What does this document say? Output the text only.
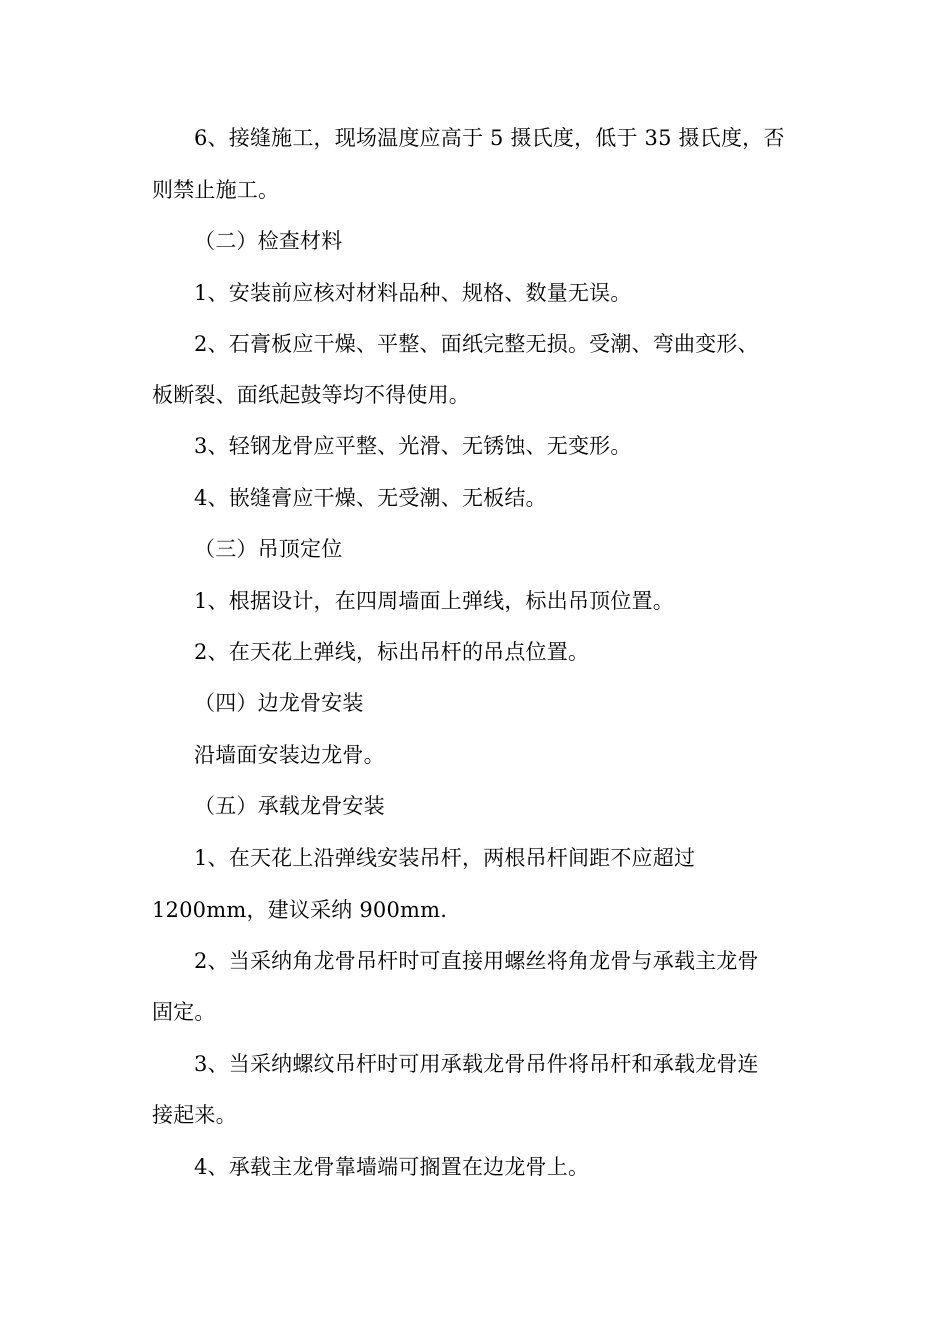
6、接缝施工，现场温度应高于 5 摄氏度，低于 35 摄氏度，否
则禁止施工。
（二）检查材料
1、安装前应核对材料品种、规格、数量无误。
2、石膏板应干燥、平整、面纸完整无损。受潮、弯曲变形、
板断裂、面纸起鼓等均不得使用。
3、轻钢龙骨应平整、光滑、无锈蚀、无变形。
4、嵌缝膏应干燥、无受潮、无板结。
（三）吊顶定位
1、根据设计，在四周墙面上弹线，标出吊顶位置。
2、在天花上弹线，标出吊杆的吊点位置。
（四）边龙骨安装
沿墙面安装边龙骨。
（五）承载龙骨安装
1、在天花上沿弹线安装吊杆，两根吊杆间距不应超过
1200mm，建议采纳 900mm.
2、当采纳角龙骨吊杆时可直接用螺丝将角龙骨与承载主龙骨
固定。
3、当采纳螺纹吊杆时可用承载龙骨吊件将吊杆和承载龙骨连
接起来。
4、承载主龙骨靠墙端可搁置在边龙骨上。
